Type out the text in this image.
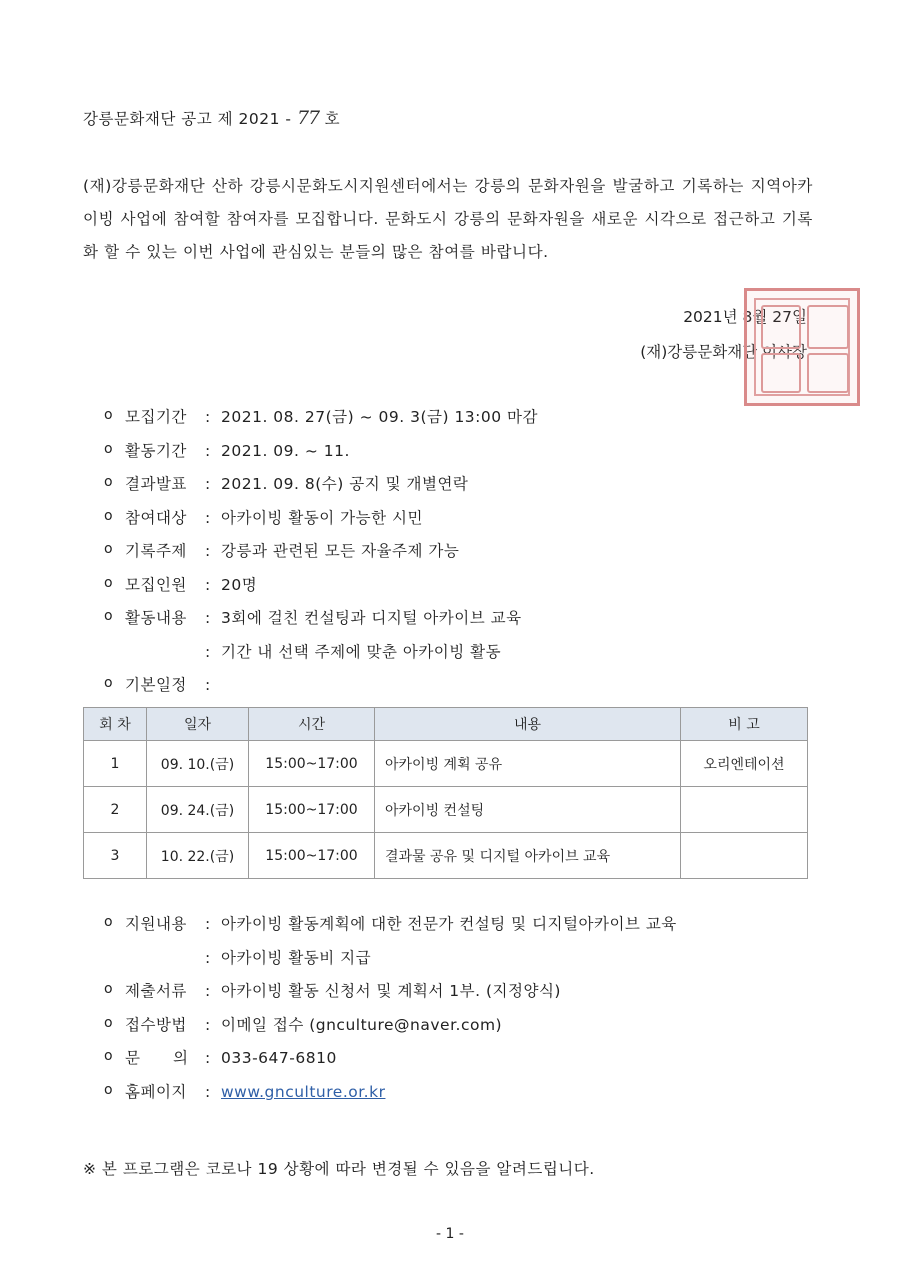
강릉문화재단 공고 제 2021 - 77 호
(재)강릉문화재단 산하 강릉시문화도시지원센터에서는 강릉의 문화자원을 발굴하고 기록하는 지역아카이빙 사업에 참여할 참여자를 모집합니다. 문화도시 강릉의 문화자원을 새로운 시각으로 접근하고 기록화 할 수 있는 이번 사업에 관심있는 분들의 많은 참여를 바랍니다.
2021년 8월 27일
(재)강릉문화재단 이사장
o 모집기간 : 2021. 08. 27(금) ~ 09. 3(금) 13:00 마감
o 활동기간 : 2021. 09. ~ 11.
o 결과발표 : 2021. 09. 8(수) 공지 및 개별연락
o 참여대상 : 아카이빙 활동이 가능한 시민
o 기록주제 : 강릉과 관련된 모든 자율주제 가능
o 모집인원 : 20명
o 활동내용 : 3회에 걸친 컨설팅과 디지털 아카이브 교육
: 기간 내 선택 주제에 맞춘 아카이빙 활동
o 기본일정 :
회 차	일자	시간	내용	비 고
1	09. 10.(금)	15:00~17:00	아카이빙 계획 공유	오리엔테이션
2	09. 24.(금)	15:00~17:00	아카이빙 컨설팅	
3	10. 22.(금)	15:00~17:00	결과물 공유 및 디지털 아카이브 교육	
o 지원내용 : 아카이빙 활동계획에 대한 전문가 컨설팅 및 디지털아카이브 교육
: 아카이빙 활동비 지급
o 제출서류 : 아카이빙 활동 신청서 및 계획서 1부. (지정양식)
o 접수방법 : 이메일 접수 (gnculture@naver.com)
o 문      의 : 033-647-6810
o 홈페이지 : www.gnculture.or.kr
※ 본 프로그램은 코로나 19 상황에 따라 변경될 수 있음을 알려드립니다.
- 1 -
